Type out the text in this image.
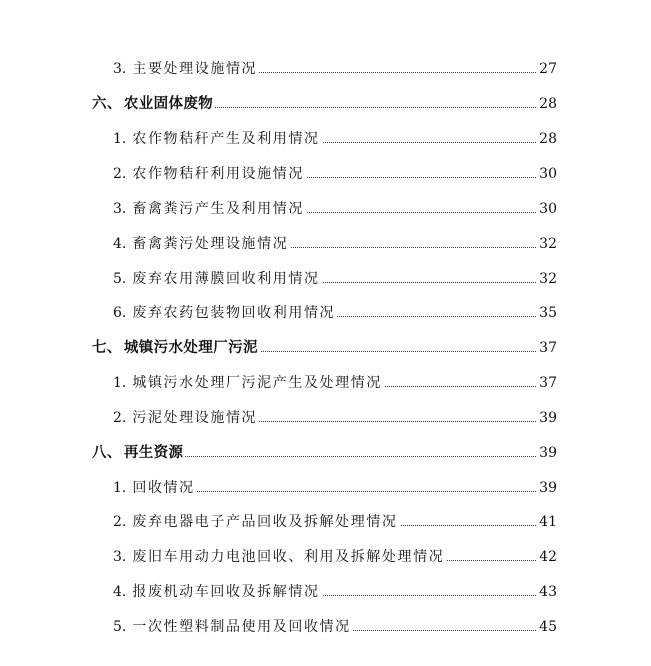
3. 主要处理设施情况	27
六、 农业固体废物	28
1. 农作物秸秆产生及利用情况	28
2. 农作物秸秆利用设施情况	30
3. 畜禽粪污产生及利用情况	30
4. 畜禽粪污处理设施情况	32
5. 废弃农用薄膜回收利用情况	32
6. 废弃农药包装物回收利用情况	35
七、 城镇污水处理厂污泥	37
1. 城镇污水处理厂污泥产生及处理情况	37
2. 污泥处理设施情况	39
八、 再生资源	39
1. 回收情况	39
2. 废弃电器电子产品回收及拆解处理情况	41
3. 废旧车用动力电池回收、利用及拆解处理情况	42
4. 报废机动车回收及拆解情况	43
5. 一次性塑料制品使用及回收情况	45
